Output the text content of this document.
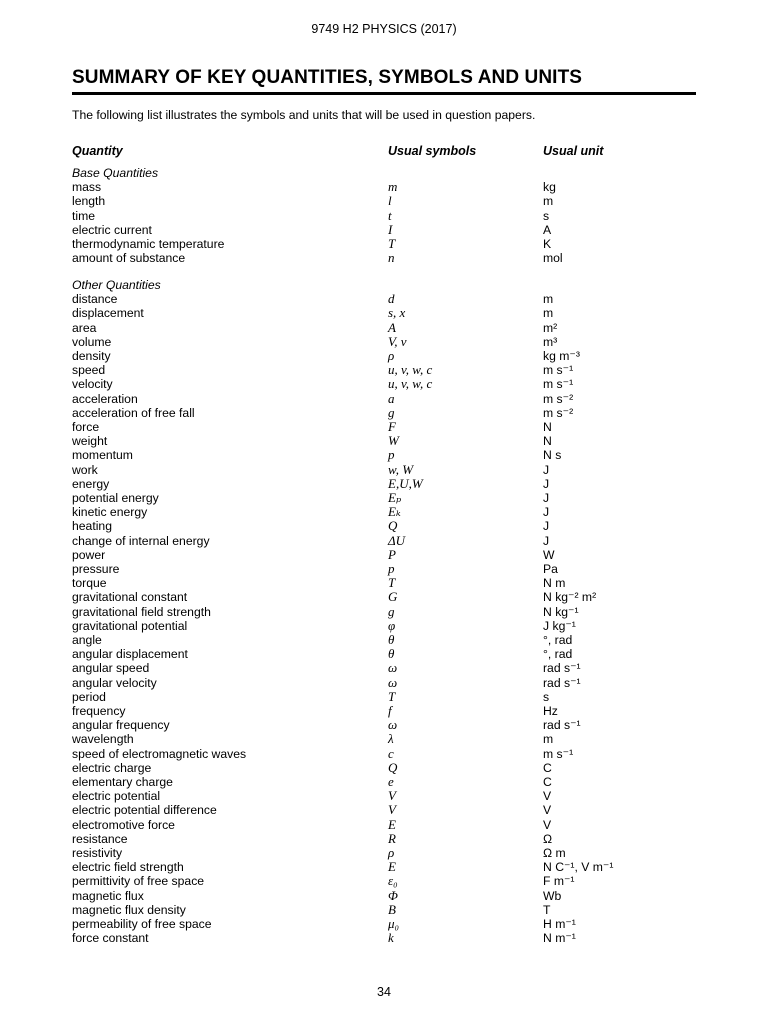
9749 H2 PHYSICS (2017)
SUMMARY OF KEY QUANTITIES, SYMBOLS AND UNITS
The following list illustrates the symbols and units that will be used in question papers.
Quantity	Usual symbols	Usual unit
Base Quantities
mass	m	kg
length	l	m
time	t	s
electric current	I	A
thermodynamic temperature	T	K
amount of substance	n	mol
Other Quantities
distance	d	m
displacement	s, x	m
area	A	m²
volume	V, v	m³
density	ρ	kg m⁻³
speed	u, v, w, c	m s⁻¹
velocity	u, v, w, c	m s⁻¹
acceleration	a	m s⁻²
acceleration of free fall	g	m s⁻²
force	F	N
weight	W	N
momentum	p	N s
work	w, W	J
energy	E,U,W	J
potential energy	Eₚ	J
kinetic energy	Eₖ	J
heating	Q	J
change of internal energy	ΔU	J
power	P	W
pressure	p	Pa
torque	T	N m
gravitational constant	G	N kg⁻² m²
gravitational field strength	g	N kg⁻¹
gravitational potential	φ	J kg⁻¹
angle	θ	°, rad
angular displacement	θ	°, rad
angular speed	ω	rad s⁻¹
angular velocity	ω	rad s⁻¹
period	T	s
frequency	f	Hz
angular frequency	ω	rad s⁻¹
wavelength	λ	m
speed of electromagnetic waves	c	m s⁻¹
electric charge	Q	C
elementary charge	e	C
electric potential	V	V
electric potential difference	V	V
electromotive force	E	V
resistance	R	Ω
resistivity	ρ	Ω m
electric field strength	E	N C⁻¹, V m⁻¹
permittivity of free space	ε₀	F m⁻¹
magnetic flux	Φ	Wb
magnetic flux density	B	T
permeability of free space	μ₀	H m⁻¹
force constant	k	N m⁻¹
34
